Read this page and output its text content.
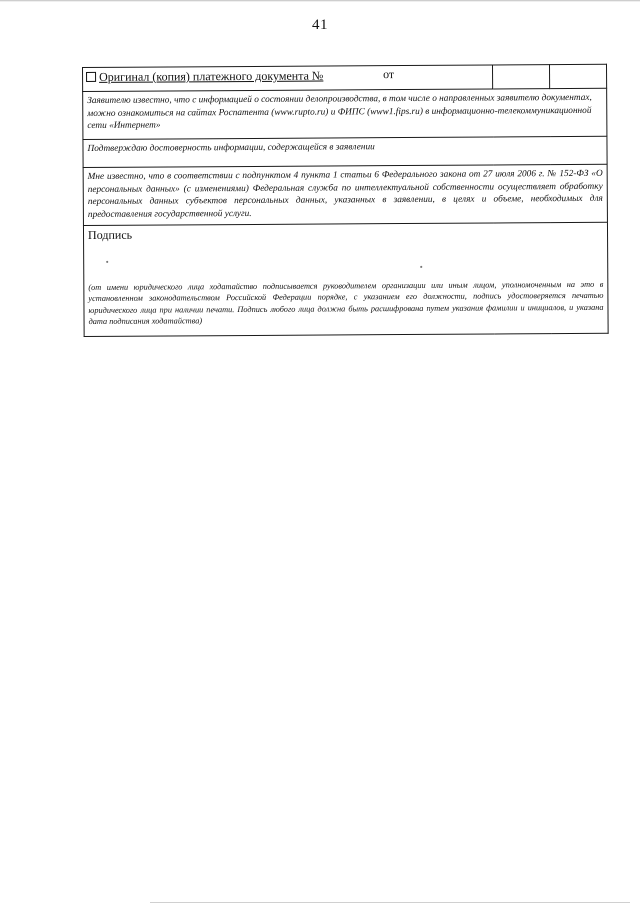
41
Оригинал (копия) платежного документа №	от

Заявителю известно, что с информацией о состоянии делопроизводства, в том числе о направленных заявителю документах, можно ознакомиться на сайтах Роспатента (www.rupto.ru) и ФИПС (www1.fips.ru) в информационно-телекоммуникационной сети «Интернет»
Подтверждаю достоверность информации, содержащейся в заявлении
Мне известно, что в соответствии с подпунктом 4 пункта 1 статьи 6 Федерального закона от 27 июля 2006 г. № 152-ФЗ «О персональных данных» (с изменениями) Федеральная служба по интеллектуальной собственности осуществляет обработку персональных данных субъектов персональных данных, указанных в заявлении, в целях и объеме, необходимых для предоставления государственной услуги.

Подпись
(от имени юридического лица ходатайство подписывается руководителем организации или иным лицом, уполномоченным на это в установленном законодательством Российской Федерации порядке, с указанием его должности, подпись удостоверяется печатью юридического лица при наличии печати. Подпись любого лица должна быть расшифрована путем указания фамилии и инициалов, и указана дата подписания ходатайства)
